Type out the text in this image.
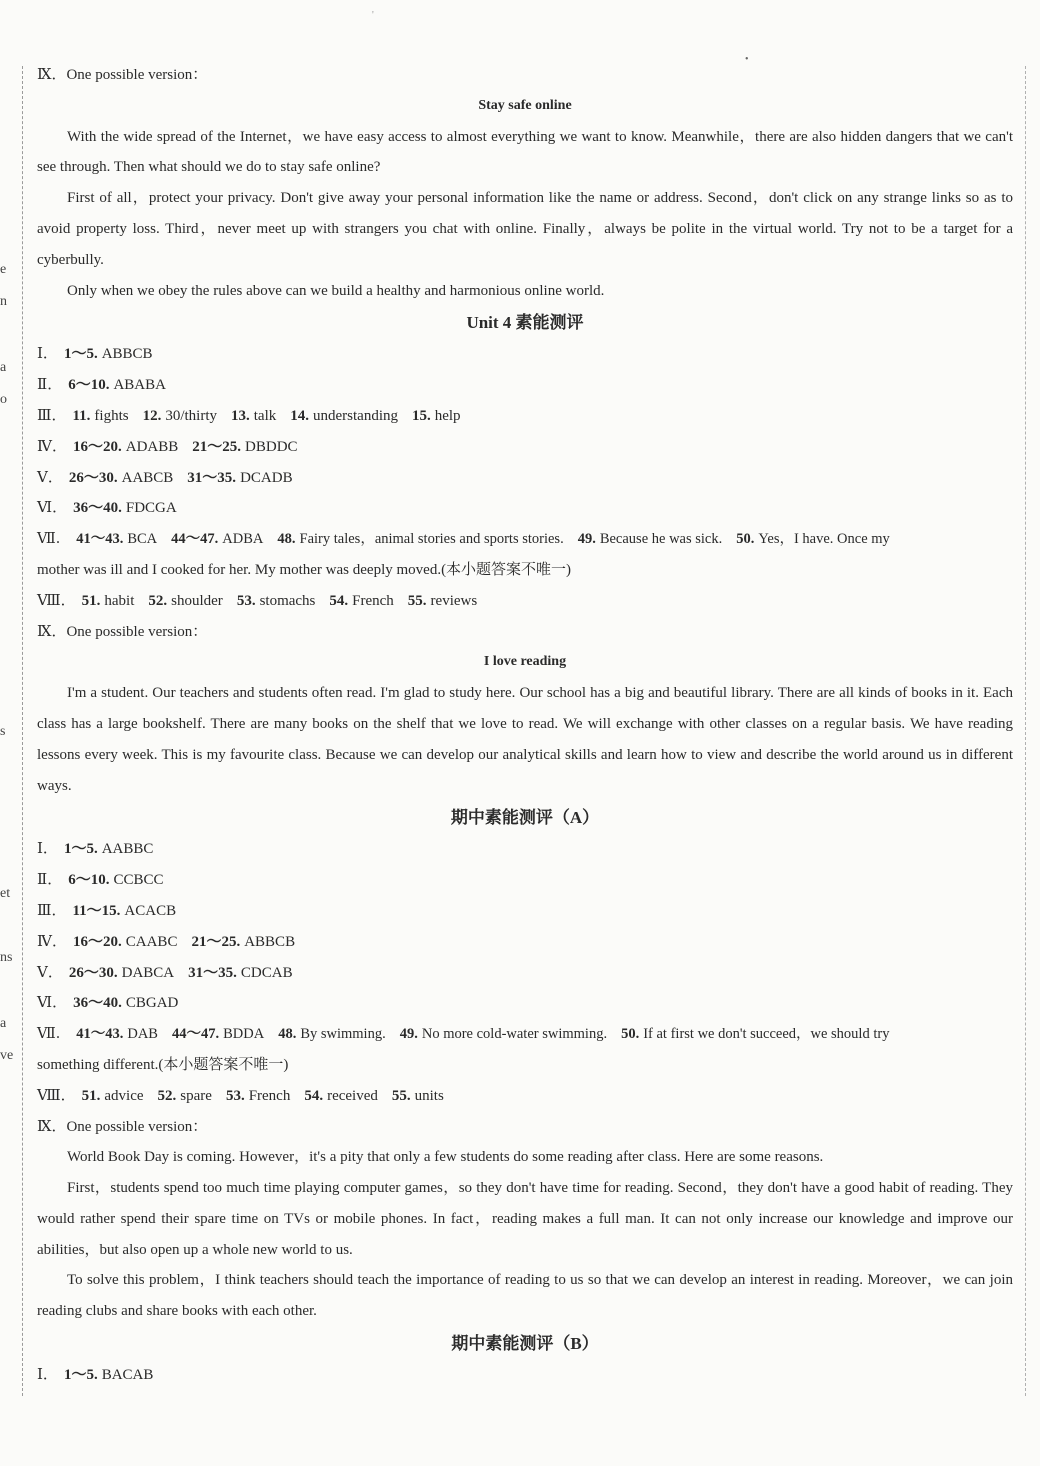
'
•
e
n
a
o
s
et
ns
a
ve
Ⅸ．One possible version：
Stay safe online
With the wide spread of the Internet，we have easy access to almost everything we want to know. Meanwhile，there are also hidden dangers that we can't see through. Then what should we do to stay safe online?
First of all，protect your privacy. Don't give away your personal information like the name or address. Second，don't click on any strange links so as to avoid property loss. Third，never meet up with strangers you chat with online. Finally，always be polite in the virtual world. Try not to be a target for a cyberbully.
Only when we obey the rules above can we build a healthy and harmonious online world.
Unit 4 素能测评
Ⅰ． 1～5. ABBCB
Ⅱ． 6～10. ABABA
Ⅲ． 11. fights 12. 30/thirty 13. talk 14. understanding 15. help
Ⅳ． 16～20. ADABB 21～25. DBDDC
Ⅴ． 26～30. AABCB 31～35. DCADB
Ⅵ． 36～40. FDCGA
Ⅶ． 41～43. BCA 44～47. ADBA 48. Fairy tales，animal stories and sports stories. 49. Because he was sick. 50. Yes，I have. Once my
mother was ill and I cooked for her. My mother was deeply moved.(本小题答案不唯一)
Ⅷ． 51. habit 52. shoulder 53. stomachs 54. French 55. reviews
Ⅸ．One possible version：
I love reading
I'm a student. Our teachers and students often read. I'm glad to study here. Our school has a big and beautiful library. There are all kinds of books in it. Each class has a large bookshelf. There are many books on the shelf that we love to read. We will exchange with other classes on a regular basis. We have reading lessons every week. This is my favourite class. Because we can develop our analytical skills and learn how to view and describe the world around us in different ways.
期中素能测评（A）
Ⅰ． 1～5. AABBC
Ⅱ． 6～10. CCBCC
Ⅲ． 11～15. ACACB
Ⅳ． 16～20. CAABC 21～25. ABBCB
Ⅴ． 26～30. DABCA 31～35. CDCAB
Ⅵ． 36～40. CBGAD
Ⅶ． 41～43. DAB 44～47. BDDA 48. By swimming. 49. No more cold-water swimming. 50. If at first we don't succeed，we should try
something different.(本小题答案不唯一)
Ⅷ． 51. advice 52. spare 53. French 54. received 55. units
Ⅸ．One possible version：
World Book Day is coming. However，it's a pity that only a few students do some reading after class. Here are some reasons.
First，students spend too much time playing computer games，so they don't have time for reading. Second，they don't have a good habit of reading. They would rather spend their spare time on TVs or mobile phones. In fact，reading makes a full man. It can not only increase our knowledge and improve our abilities，but also open up a whole new world to us.
To solve this problem，I think teachers should teach the importance of reading to us so that we can develop an interest in reading. Moreover，we can join reading clubs and share books with each other.
期中素能测评（B）
Ⅰ． 1～5. BACAB
